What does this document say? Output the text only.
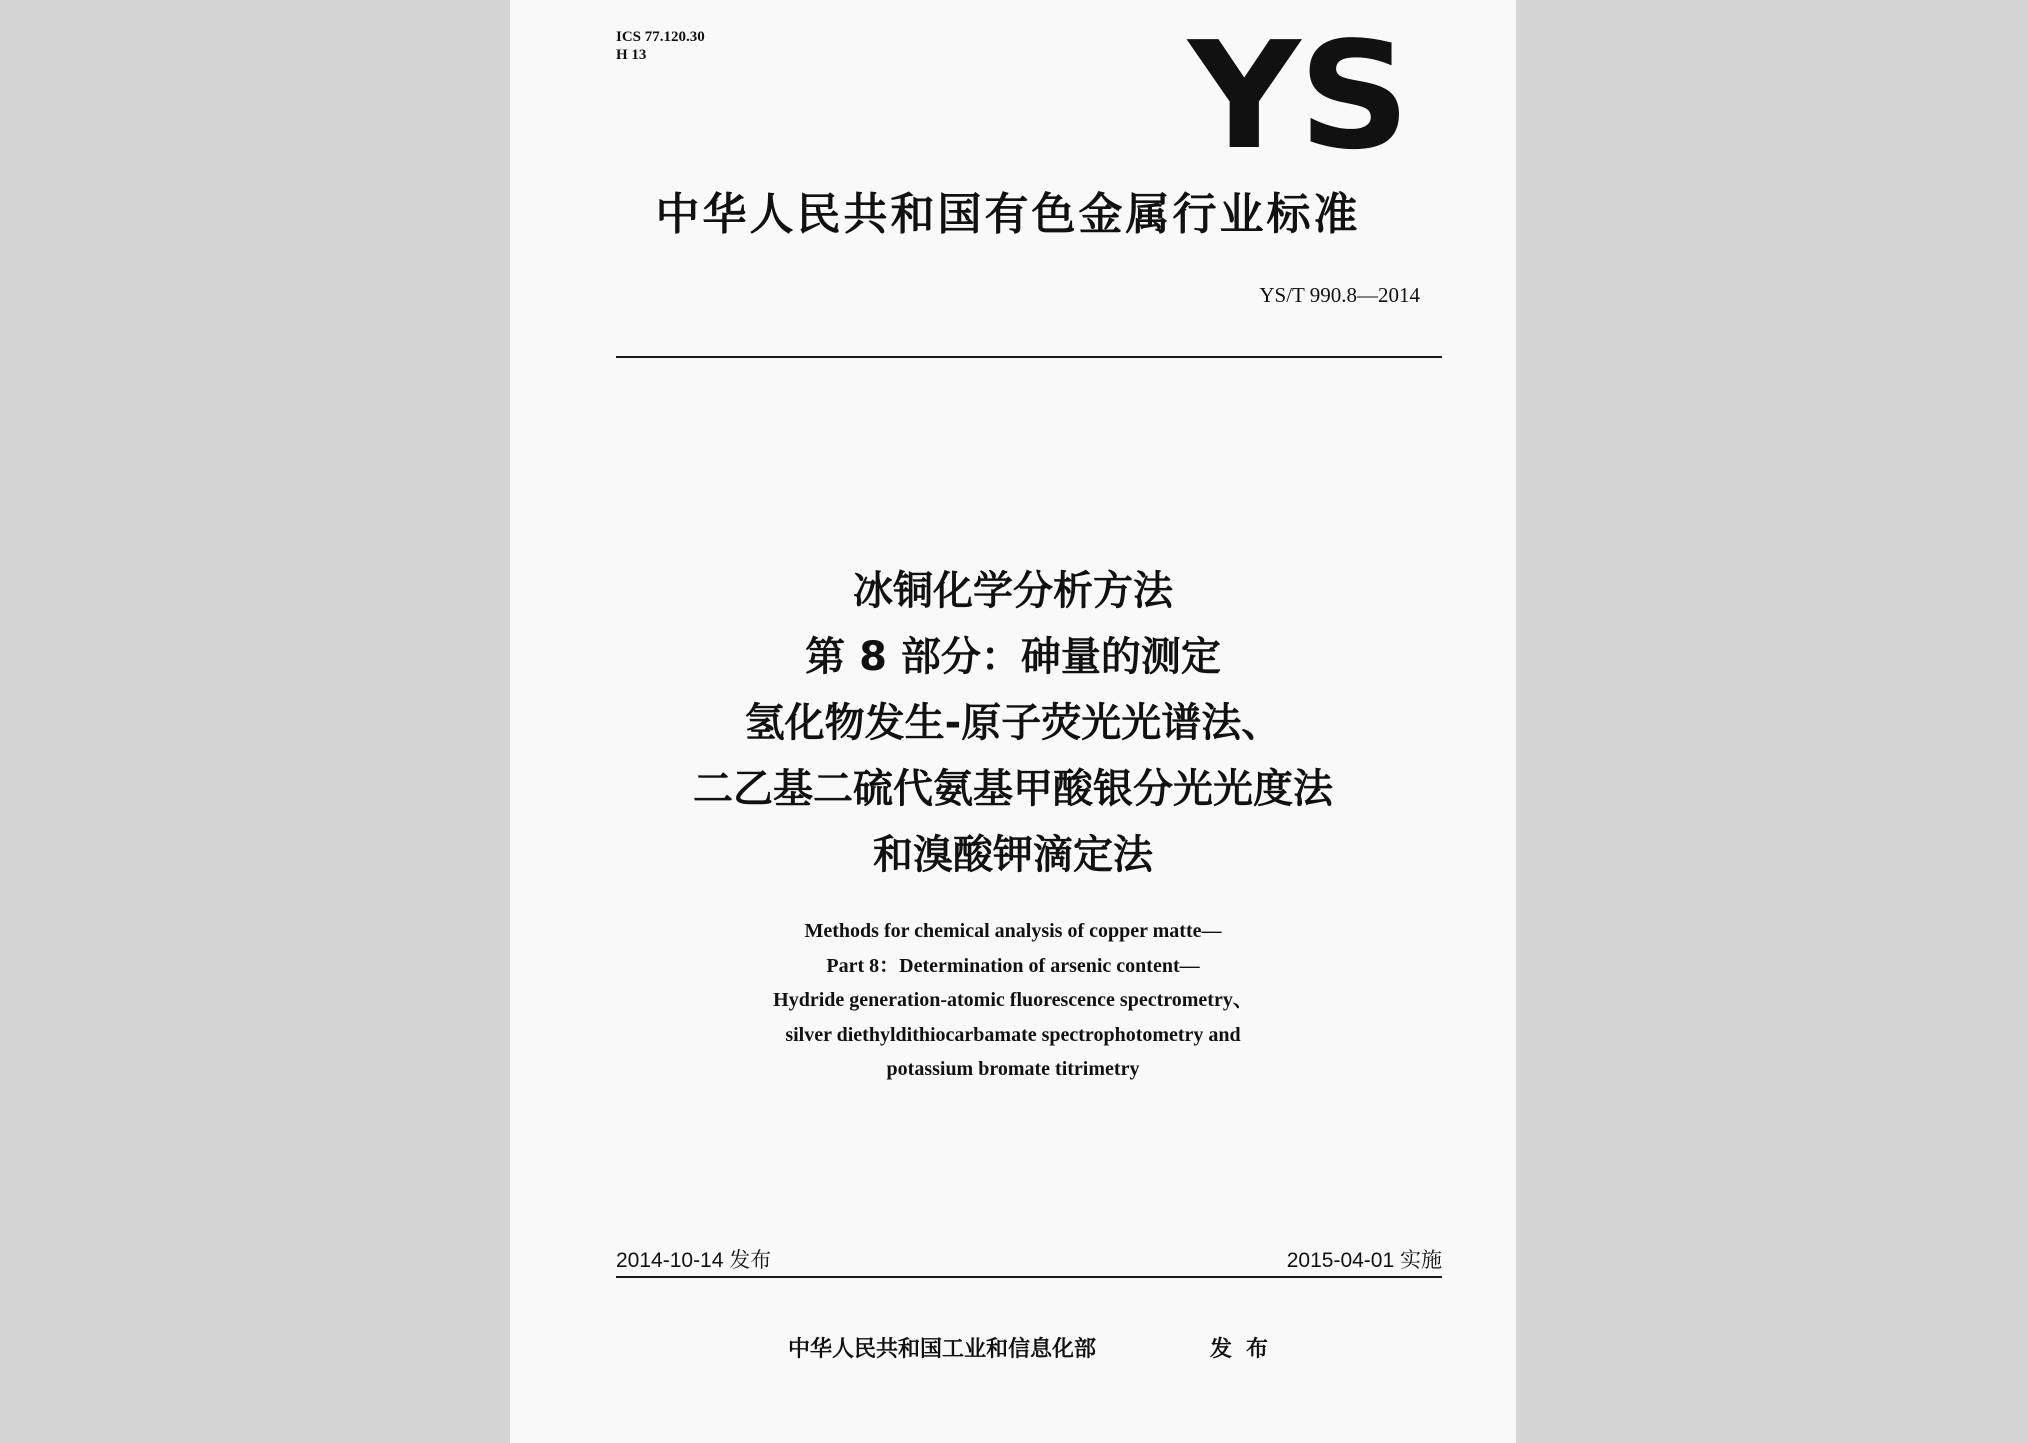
ICS 77.120.30
H 13	YS
中华人民共和国有色金属行业标准
YS/T 990.8—2014
冰铜化学分析方法
第 8 部分：砷量的测定
氢化物发生-原子荧光光谱法、
二乙基二硫代氨基甲酸银分光光度法
和溴酸钾滴定法
Methods for chemical analysis of copper matte—
Part 8：Determination of arsenic content—
Hydride generation-atomic fluorescence spectrometry、
silver diethyldithiocarbamate spectrophotometry and
potassium bromate titrimetry
2014-10-14 发布	2015-04-01 实施
中华人民共和国工业和信息化部	发布
